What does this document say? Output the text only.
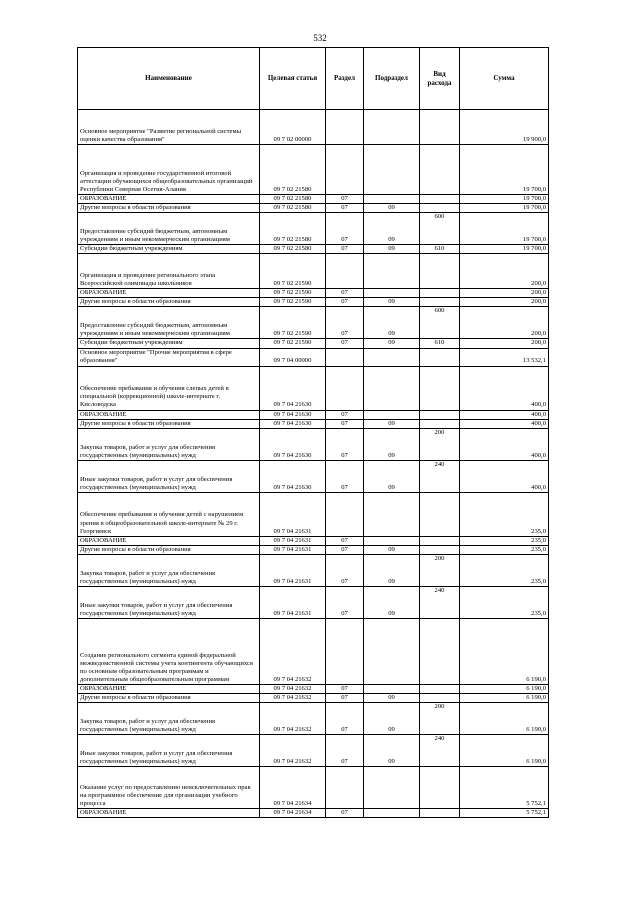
532
Наименование	Целевая статья	Раздел	Подраздел	Вид расхода	Сумма
Основное мероприятие "Развитие региональной системы оценки качества образования"	09 7 02 00000				19 900,0
Организация и проведение государственной итоговой аттестации обучающихся общеобразовательных организаций Республики Северная Осетия-Алания	09 7 02 21580				19 700,0
ОБРАЗОВАНИЕ	09 7 02 21580	07			19 700,0
Другие вопросы в области образования	09 7 02 21580	07	09		19 700,0
Предоставление субсидий бюджетным, автономным учреждениям и иным некоммерческим организациям	09 7 02 21580	07	09	600	19 700,0
Субсидии бюджетным учреждениям	09 7 02 21580	07	09	610	19 700,0
Организация и проведение регионального этапа Всероссийской олимпиады школьников	09 7 02 21590				200,0
ОБРАЗОВАНИЕ	09 7 02 21590	07			200,0
Другие вопросы в области образования	09 7 02 21590	07	09		200,0
Предоставление субсидий бюджетным, автономным учреждениям и иным некоммерческим организациям	09 7 02 21590	07	09	600	200,0
Субсидии бюджетным учреждениям	09 7 02 21590	07	09	610	200,0
Основное мероприятие "Прочие мероприятия в сфере образования"	09 7 04 00000				13 532,1
Обеспечение пребывания и обучения слепых детей в специальной (коррекционной) школе-интернате г. Кисловодска	09 7 04 21630				400,0
ОБРАЗОВАНИЕ	09 7 04 21630	07			400,0
Другие вопросы в области образования	09 7 04 21630	07	09		400,0
Закупка товаров, работ и услуг для обеспечения государственных (муниципальных) нужд	09 7 04 21630	07	09	200	400,0
Иные закупки товаров, работ и услуг для обеспечения государственных (муниципальных) нужд	09 7 04 21630	07	09	240	400,0
Обеспечение пребывания и обучения детей с нарушением зрения в общеобразовательной школе-интернате № 29 г. Георгиевск	09 7 04 21631				235,0
ОБРАЗОВАНИЕ	09 7 04 21631	07			235,0
Другие вопросы в области образования	09 7 04 21631	07	09		235,0
Закупка товаров, работ и услуг для обеспечения государственных (муниципальных) нужд	09 7 04 21631	07	09	200	235,0
Иные закупки товаров, работ и услуг для обеспечения государственных (муниципальных) нужд	09 7 04 21631	07	09	240	235,0
Создание регионального сегмента единой федеральной межведомственной системы учета контингента обучающихся по основным образовательным программам и дополнительным общеобразовательным программам	09 7 04 21632				6 190,0
ОБРАЗОВАНИЕ	09 7 04 21632	07			6 190,0
Другие вопросы в области образования	09 7 04 21632	07	09		6 190,0
Закупка товаров, работ и услуг для обеспечения государственных (муниципальных) нужд	09 7 04 21632	07	09	200	6 190,0
Иные закупки товаров, работ и услуг для обеспечения государственных (муниципальных) нужд	09 7 04 21632	07	09	240	6 190,0
Оказание услуг по предоставлению неисключительных прав на программное обеспечение для организации учебного процесса	09 7 04 21634				5 752,1
ОБРАЗОВАНИЕ	09 7 04 21634	07			5 752,1
